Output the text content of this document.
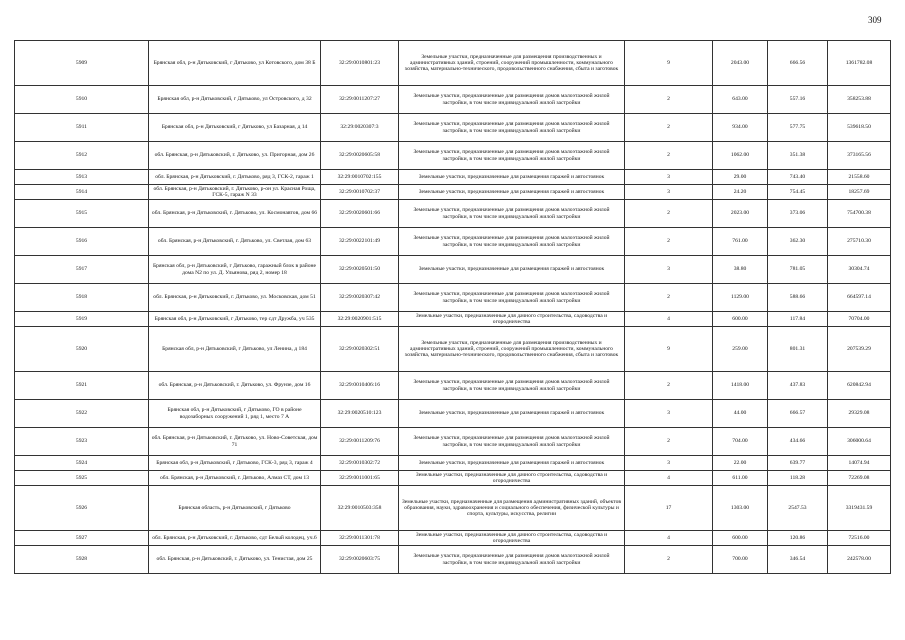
309
5909	Брянская обл, р-н Дятьковский, г Дятьково, ул Котовского, дом 38 Б	32:29:0010801:23	Земельные участки, предназначенные для размещения производственных и административных зданий, строений, сооружений промышленности, коммунального хозяйства, материально-технического, продовольственного снабжения, сбыта и заготовок	9	2043.00	666.56	1361782.08
5910	Брянская обл, р-н Дятьковский, г Дятьково, ул Островского, д 32	32:29:0011207:27	Земельные участки, предназначенные для размещения домов малоэтажной жилой застройки, в том числе индивидуальной жилой застройки	2	643.00	557.16	358253.88
5911	Брянская обл, р-н Дятьковский, г Дятьково, ул Базарная, д 14	32:29:0020307:3	Земельные участки, предназначенные для размещения домов малоэтажной жилой застройки, в том числе индивидуальной жилой застройки	2	934.00	577.75	539618.50
5912	обл. Брянская, р-н Дятьковский, г. Дятьково, ул. Пригорная, дом 26	32:29:0020605:58	Земельные участки, предназначенные для размещения домов малоэтажной жилой застройки, в том числе индивидуальной жилой застройки	2	1062.00	351.38	373165.56
5913	обл. Брянская, р-н Дятьковский, г. Дятьково, ряд 3, ГСК-2, гараж 1	32:29:0010702:155	Земельные участки, предназначенные для размещения гаражей и автостоянок	3	29.00	743.40	21558.60
5914	обл. Брянская, р-н Дятьковский, г. Дятьково, р-он ул. Красная Роща, ГСК-5, гараж N 33	32:29:0010702:37	Земельные участки, предназначенные для размещения гаражей и автостоянок	3	24.20	754.45	18257.69
5915	обл. Брянская, р-н Дятьковский, г. Дятьково, ул. Космонавтов, дом 66	32:29:0020601:66	Земельные участки, предназначенные для размещения домов малоэтажной жилой застройки, в том числе индивидуальной жилой застройки	2	2023.00	373.06	754700.38
5916	обл. Брянская, р-н Дятьковский, г. Дятьково, ул. Светлая, дом 63	32:29:0022101:49	Земельные участки, предназначенные для размещения домов малоэтажной жилой застройки, в том числе индивидуальной жилой застройки	2	761.00	362.30	275710.30
5917	Брянская обл, р-н Дятьковский, г Дятьково, гаражный блок в районе дома N2 по ул. Д. Ульянова, ряд 2, номер 18	32:29:0020501:50	Земельные участки, предназначенные для размещения гаражей и автостоянок	3	38.80	781.05	30304.74
5918	обл. Брянская, р-н Дятьковский, г. Дятьково, ул. Московская, дом 51	32:29:0020307:42	Земельные участки, предназначенные для размещения домов малоэтажной жилой застройки, в том числе индивидуальной жилой застройки	2	1129.00	588.66	664597.14
5919	Брянская обл, р-н Дятьковский, г Дятьково, тер сдт Дружба, уч 535	32:29:0020901:515	Земельные участки, предназначенные для дачного строительства, садоводства и огородничества	4	600.00	117.84	70704.00
5920	Брянская обл, р-н Дятьковский, г Дятьково, ул Ленина, д 184	32:29:0020302:51	Земельные участки, предназначенные для размещения производственных и административных зданий, строений, сооружений промышленности, коммунального хозяйства, материально-технического, продовольственного снабжения, сбыта и заготовок	9	259.00	801.31	207539.29
5921	обл. Брянская, р-н Дятьковский, г. Дятьково, ул. Фрунзе, дом 16	32:29:0010406:16	Земельные участки, предназначенные для размещения домов малоэтажной жилой застройки, в том числе индивидуальной жилой застройки	2	1418.00	437.83	620842.94
5922	Брянская обл, р-н Дятьковский, г Дятьково, ГО в районе водозаборных сооружений 1, ряд 1, место 7 А	32:29:0020510:123	Земельные участки, предназначенные для размещения гаражей и автостоянок	3	44.00	666.57	29329.08
5923	обл. Брянская, р-н Дятьковский, г. Дятьково, ул. Ново-Советская, дом 71	32:29:0011209:76	Земельные участки, предназначенные для размещения домов малоэтажной жилой застройки, в том числе индивидуальной жилой застройки	2	704.00	434.66	306000.64
5924	Брянская обл, р-н Дятьковский, г Дятьково, ГСК-3, ряд 3, гараж 4	32:29:0010302:72	Земельные участки, предназначенные для размещения гаражей и автостоянок	3	22.00	639.77	14074.94
5925	обл. Брянская, р-н Дятьковский, г. Дятьково, Алмаз СТ, дом 13	32:29:0011001:65	Земельные участки, предназначенные для дачного строительства, садоводства и огородничества	4	611.00	118.28	72269.08
5926	Брянская область, р-н Дятьковский, г Дятьково	32:29:0010503:358	Земельные участки, предназначенные для размещения административных зданий, объектов образования, науки, здравоохранения и социального обеспечения, физической культуры и спорта, культуры, искусства, религии	17	1303.00	2547.53	3319431.59
5927	обл. Брянская, р-н Дятьковский, г. Дятьково, сдт Белый колодец, уч.6	32:29:0011301:78	Земельные участки, предназначенные для дачного строительства, садоводства и огородничества	4	600.00	120.86	72516.00
5928	обл. Брянская, р-н Дятьковский, г. Дятьково, ул. Тенистая, дом 25	32:29:0020603:75	Земельные участки, предназначенные для размещения домов малоэтажной жилой застройки, в том числе индивидуальной жилой застройки	2	700.00	346.54	242578.00
